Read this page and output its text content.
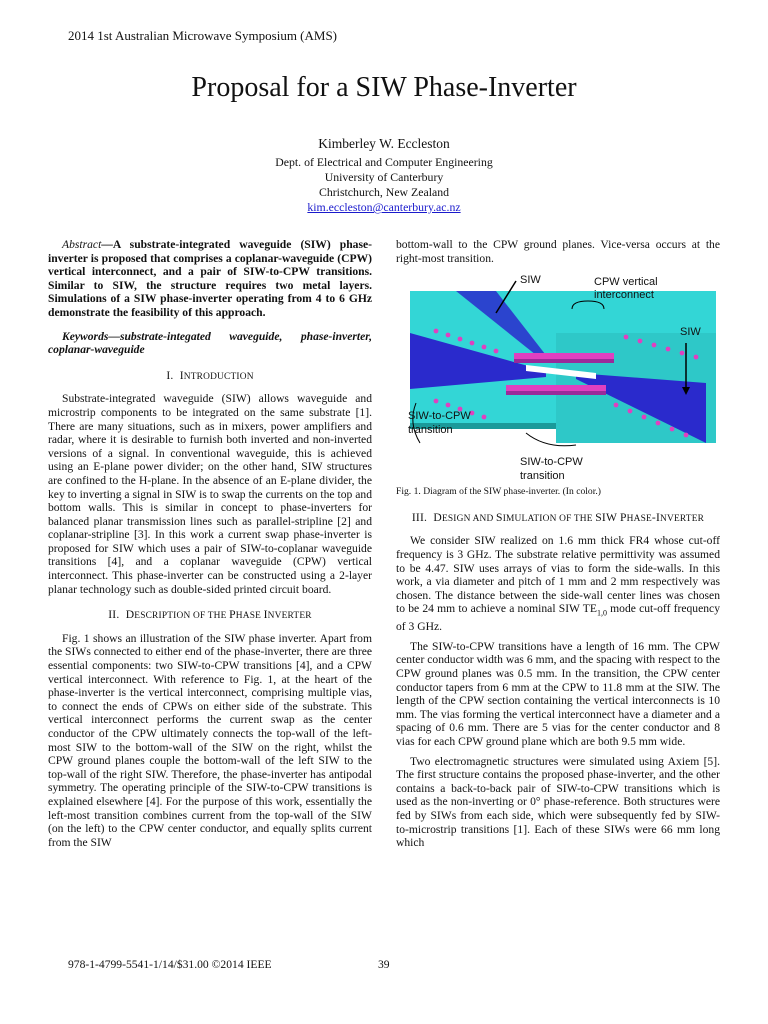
2014 1st Australian Microwave Symposium (AMS)
Proposal for a SIW Phase-Inverter
Kimberley W. Eccleston
Dept. of Electrical and Computer Engineering
University of Canterbury
Christchurch, New Zealand
kim.eccleston@canterbury.ac.nz

Abstract—A substrate-integrated waveguide (SIW) phase-inverter is proposed that comprises a coplanar-waveguide (CPW) vertical interconnect, and a pair of SIW-to-CPW transitions. Similar to SIW, the structure requires two metal layers. Simulations of a SIW phase-inverter operating from 4 to 6 GHz demonstrate the feasibility of this approach.

Keywords—substrate-integated waveguide, phase-inverter, coplanar-waveguide

I. INTRODUCTION

Substrate-integrated waveguide (SIW) allows waveguide and microstrip components to be integrated on the same substrate [1]. There are many situations, such as in mixers, power amplifiers and radar, where it is desirable to furnish both inverted and non-inverted versions of a signal. In conventional waveguide, this is achieved using an E-plane power divider; on the other hand, SIW structures are confined to the H-plane. In the absence of an E-plane divider, the key to inverting a signal in SIW is to swap the currents on the top and bottom walls. This is similar in concept to phase-inverters for balanced planar transmission lines such as parallel-stripline [2] and coplanar-stripline [3]. In this work a current swap phase-inverter is proposed for SIW which uses a pair of SIW-to-coplanar waveguide transitions [4], and a coplanar waveguide (CPW) vertical interconnect. This phase-inverter can be constructed using a 2-layer planar technology such as double-sided printed circuit board.

II. DESCRIPTION OF THE PHASE INVERTER

Fig. 1 shows an illustration of the SIW phase inverter. Apart from the SIWs connected to either end of the phase-inverter, there are three essential components: two SIW-to-CPW transitions [4], and a CPW vertical interconnect. With reference to Fig. 1, at the heart of the phase-inverter is the vertical interconnect, comprising multiple vias, to connect the ends of CPWs on either side of the substrate. This vertical interconnect performs the current swap as the center conductor of the CPW ultimately connects the top-wall of the left-most SIW to the bottom-wall of the SIW on the right, whilst the CPW ground planes couple the bottom-wall of the left SIW to the top-wall of the right SIW. Therefore, the phase-inverter has antipodal symmetry. The operating principle of the SIW-to-CPW transitions is explained elsewhere [4]. For the purpose of this work, essentially the left-most transition combines current from the top-wall of the SIW (on the left) to the CPW center conductor, and equally splits current from the SIW

bottom-wall to the CPW ground planes. Vice-versa occurs at the right-most transition.

SIW	CPW vertical
interconnect
SIW
SIW-to-CPW
transition
SIW-to-CPW
transition

Fig. 1. Diagram of the SIW phase-inverter. (In color.)

III. DESIGN AND SIMULATION OF THE SIW PHASE-INVERTER

We consider SIW realized on 1.6 mm thick FR4 whose cut-off frequency is 3 GHz. The substrate relative permittivity was assumed to be 4.47. SIW uses arrays of vias to form the side-walls. In this work, a via diameter and pitch of 1 mm and 2 mm respectively was chosen. The distance between the side-wall center lines was chosen to be 24 mm to achieve a nominal SIW $TE_{1,0}$ mode cut-off frequency of 3 GHz.

The SIW-to-CPW transitions have a length of 16 mm. The CPW center conductor width was 6 mm, and the spacing with respect to the CPW ground planes was 0.5 mm. In the transition, the CPW center conductor tapers from 6 mm at the CPW to 11.8 mm at the SIW. The length of the CPW section containing the vertical interconnects is 10 mm. The vias forming the vertical interconnect have a diameter and a spacing of 0.6 mm. There are 5 vias for the center conductor and 8 vias for each CPW ground plane which are both 9.5 mm wide.

Two electromagnetic structures were simulated using Axiem [5]. The first structure contains the proposed phase-inverter, and the other contains a back-to-back pair of SIW-to-CPW transitions which is used as the non-inverting or 0° phase-reference. Both structures were fed by SIWs from each side, which were subsequently fed by SIW-to-microstrip transitions [1]. Each of these SIWs were 66 mm long which

978-1-4799-5541-1/14/$31.00 ©2014 IEEE	39
